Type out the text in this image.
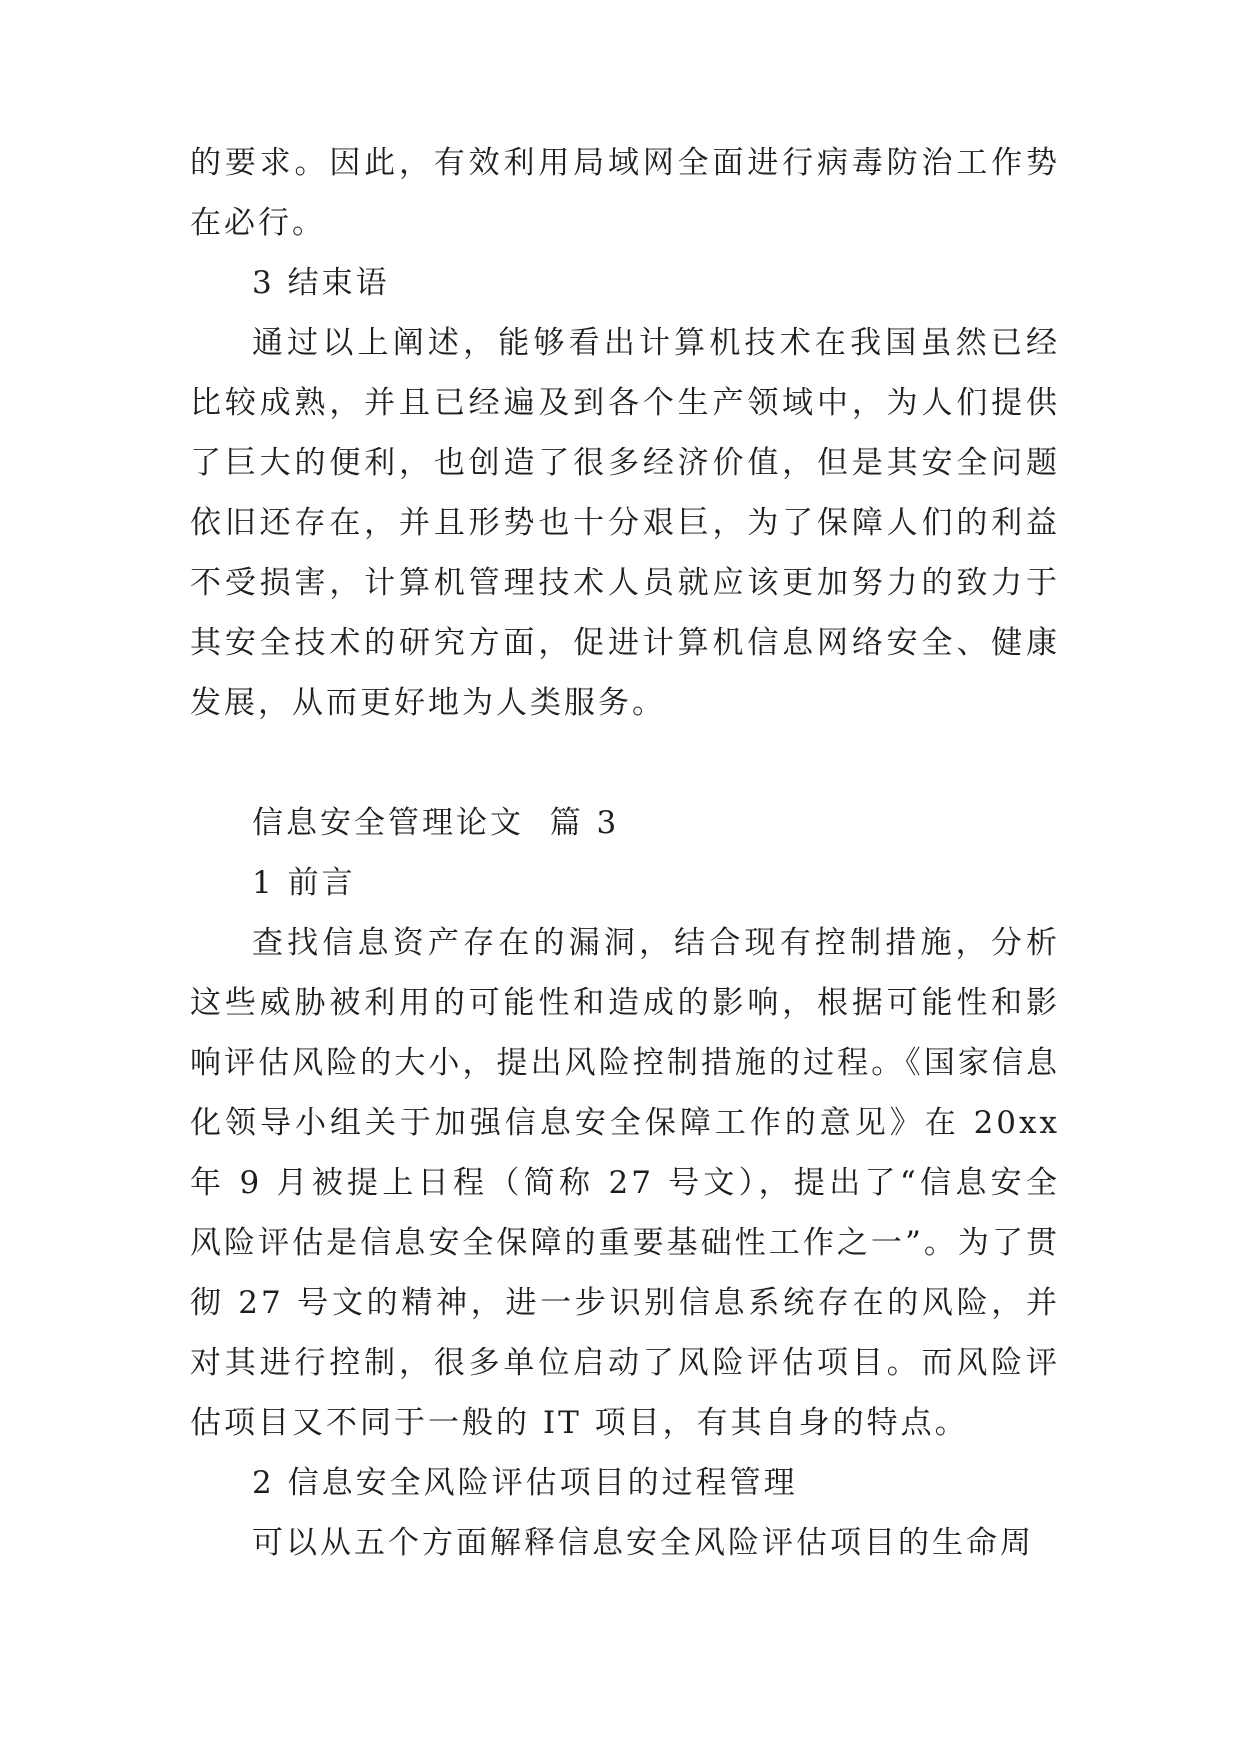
的要求。因此，有效利用局域网全面进行病毒防治工作势在必行。

3 结束语

通过以上阐述，能够看出计算机技术在我国虽然已经比较成熟，并且已经遍及到各个生产领域中，为人们提供了巨大的便利，也创造了很多经济价值，但是其安全问题依旧还存在，并且形势也十分艰巨，为了保障人们的利益不受损害，计算机管理技术人员就应该更加努力的致力于其安全技术的研究方面，促进计算机信息网络安全、健康发展，从而更好地为人类服务。

信息安全管理论文  篇 3

1 前言

查找信息资产存在的漏洞，结合现有控制措施，分析这些威胁被利用的可能性和造成的影响，根据可能性和影响评估风险的大小，提出风险控制措施的过程。《国家信息化领导小组关于加强信息安全保障工作的意见》在 20xx 年 9 月被提上日程（简称 27 号文），提出了“信息安全风险评估是信息安全保障的重要基础性工作之一”。为了贯彻 27 号文的精神，进一步识别信息系统存在的风险，并对其进行控制，很多单位启动了风险评估项目。而风险评估项目又不同于一般的 IT 项目，有其自身的特点。

2 信息安全风险评估项目的过程管理

可以从五个方面解释信息安全风险评估项目的生命周
